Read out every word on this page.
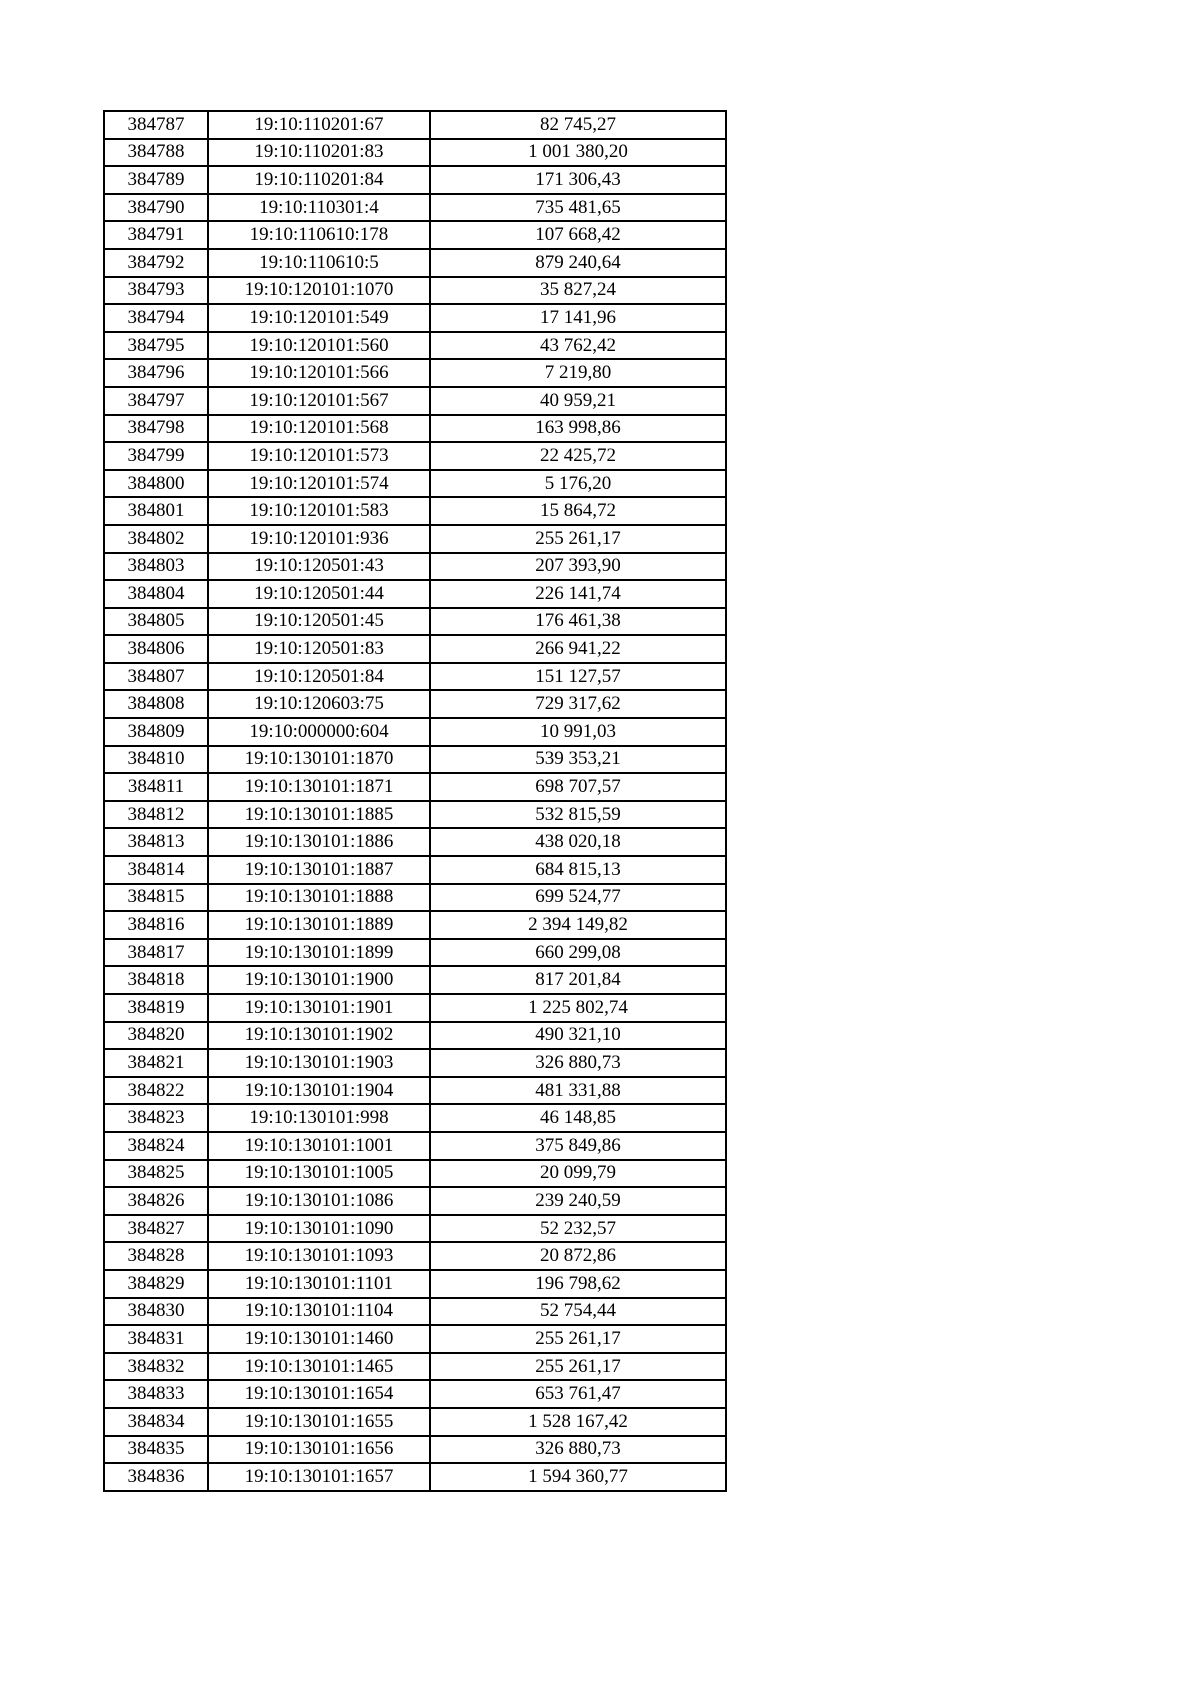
384787	19:10:110201:67	82 745,27
384788	19:10:110201:83	1 001 380,20
384789	19:10:110201:84	171 306,43
384790	19:10:110301:4	735 481,65
384791	19:10:110610:178	107 668,42
384792	19:10:110610:5	879 240,64
384793	19:10:120101:1070	35 827,24
384794	19:10:120101:549	17 141,96
384795	19:10:120101:560	43 762,42
384796	19:10:120101:566	7 219,80
384797	19:10:120101:567	40 959,21
384798	19:10:120101:568	163 998,86
384799	19:10:120101:573	22 425,72
384800	19:10:120101:574	5 176,20
384801	19:10:120101:583	15 864,72
384802	19:10:120101:936	255 261,17
384803	19:10:120501:43	207 393,90
384804	19:10:120501:44	226 141,74
384805	19:10:120501:45	176 461,38
384806	19:10:120501:83	266 941,22
384807	19:10:120501:84	151 127,57
384808	19:10:120603:75	729 317,62
384809	19:10:000000:604	10 991,03
384810	19:10:130101:1870	539 353,21
384811	19:10:130101:1871	698 707,57
384812	19:10:130101:1885	532 815,59
384813	19:10:130101:1886	438 020,18
384814	19:10:130101:1887	684 815,13
384815	19:10:130101:1888	699 524,77
384816	19:10:130101:1889	2 394 149,82
384817	19:10:130101:1899	660 299,08
384818	19:10:130101:1900	817 201,84
384819	19:10:130101:1901	1 225 802,74
384820	19:10:130101:1902	490 321,10
384821	19:10:130101:1903	326 880,73
384822	19:10:130101:1904	481 331,88
384823	19:10:130101:998	46 148,85
384824	19:10:130101:1001	375 849,86
384825	19:10:130101:1005	20 099,79
384826	19:10:130101:1086	239 240,59
384827	19:10:130101:1090	52 232,57
384828	19:10:130101:1093	20 872,86
384829	19:10:130101:1101	196 798,62
384830	19:10:130101:1104	52 754,44
384831	19:10:130101:1460	255 261,17
384832	19:10:130101:1465	255 261,17
384833	19:10:130101:1654	653 761,47
384834	19:10:130101:1655	1 528 167,42
384835	19:10:130101:1656	326 880,73
384836	19:10:130101:1657	1 594 360,77
